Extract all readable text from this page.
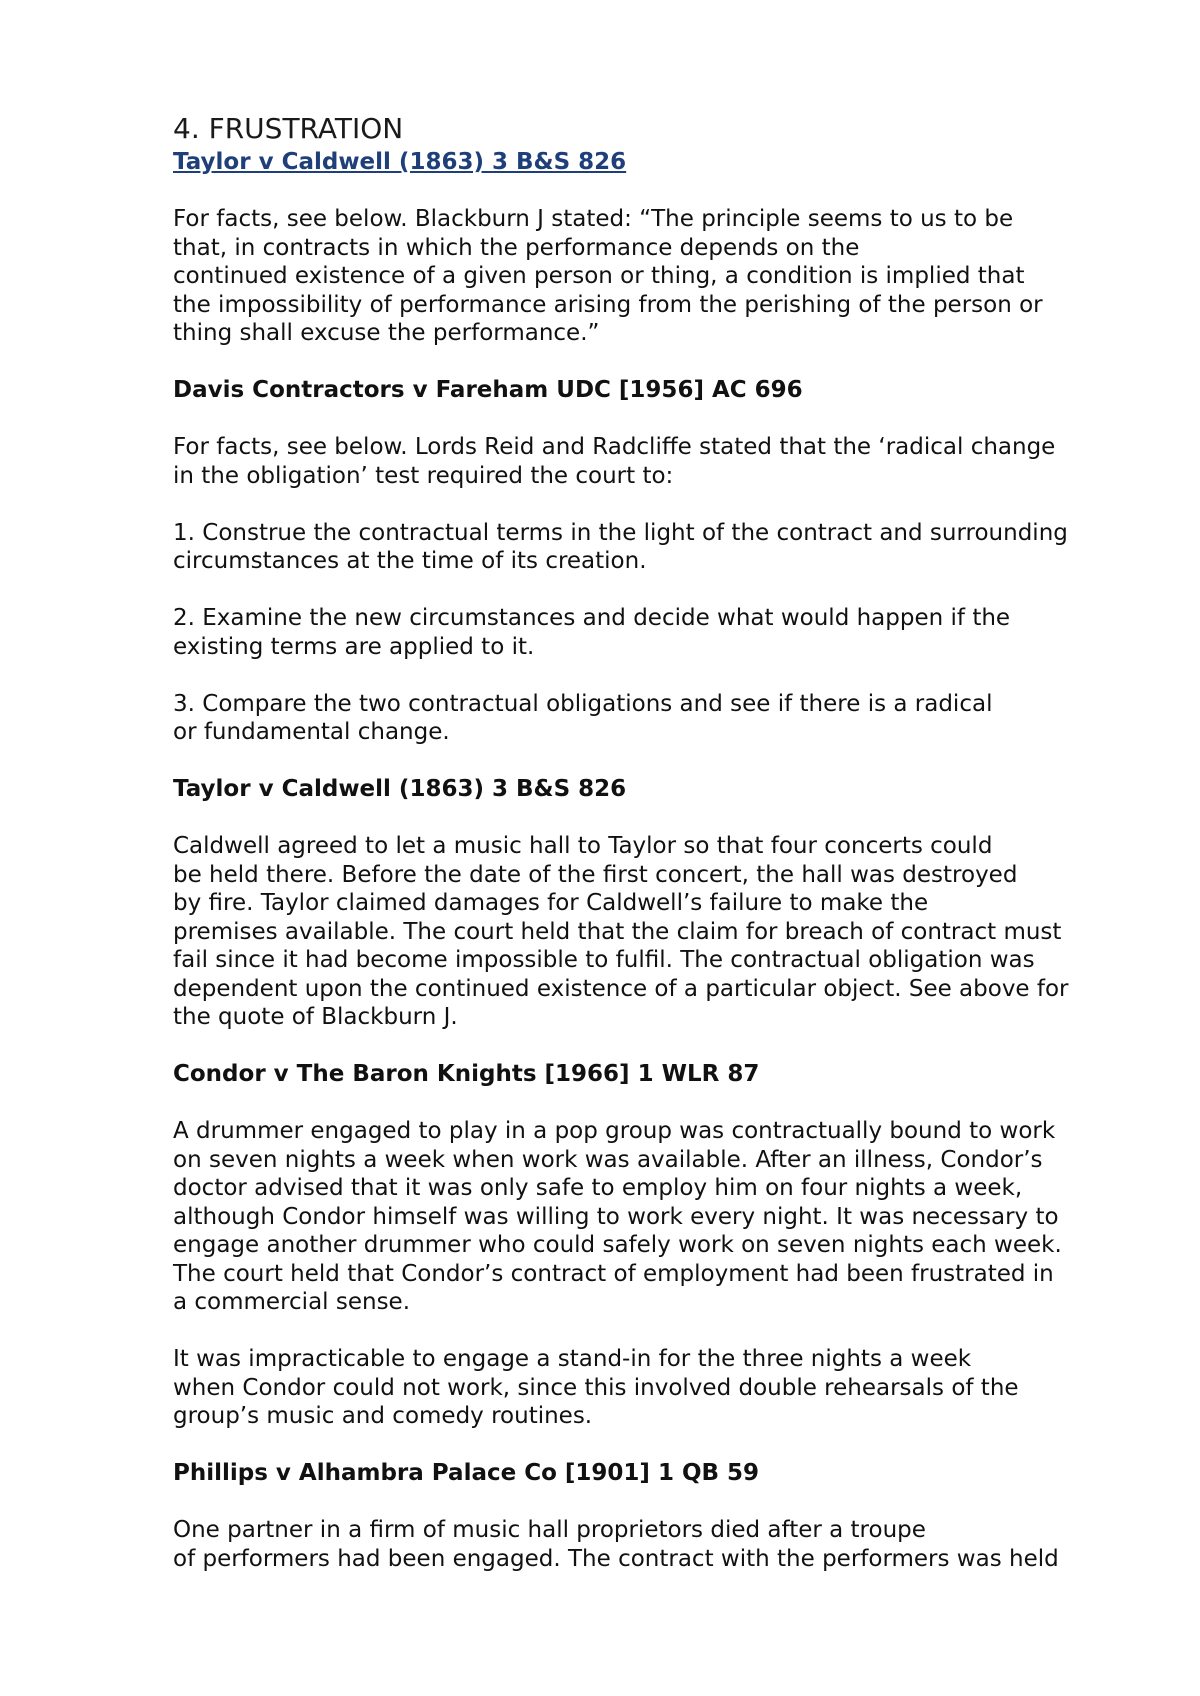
4. FRUSTRATION
Taylor v Caldwell (1863) 3 B&S 826
For facts, see below. Blackburn J stated: “The principle seems to us to be
that, in contracts in which the performance depends on the
continued existence of a given person or thing, a condition is implied that
the impossibility of performance arising from the perishing of the person or
thing shall excuse the performance.”
Davis Contractors v Fareham UDC [1956] AC 696
For facts, see below. Lords Reid and Radcliffe stated that the ‘radical change
in the obligation’ test required the court to:
1. Construe the contractual terms in the light of the contract and surrounding
circumstances at the time of its creation.
2. Examine the new circumstances and decide what would happen if the
existing terms are applied to it.
3. Compare the two contractual obligations and see if there is a radical
or fundamental change.
Taylor v Caldwell (1863) 3 B&S 826
Caldwell agreed to let a music hall to Taylor so that four concerts could
be held there. Before the date of the first concert, the hall was destroyed
by fire. Taylor claimed damages for Caldwell’s failure to make the
premises available. The court held that the claim for breach of contract must
fail since it had become impossible to fulfil. The contractual obligation was
dependent upon the continued existence of a particular object. See above for
the quote of Blackburn J.
Condor v The Baron Knights [1966] 1 WLR 87
A drummer engaged to play in a pop group was contractually bound to work
on seven nights a week when work was available. After an illness, Condor’s
doctor advised that it was only safe to employ him on four nights a week,
although Condor himself was willing to work every night. It was necessary to
engage another drummer who could safely work on seven nights each week.
The court held that Condor’s contract of employment had been frustrated in
a commercial sense.
It was impracticable to engage a stand-in for the three nights a week
when Condor could not work, since this involved double rehearsals of the
group’s music and comedy routines.
Phillips v Alhambra Palace Co [1901] 1 QB 59
One partner in a firm of music hall proprietors died after a troupe
of performers had been engaged. The contract with the performers was held
